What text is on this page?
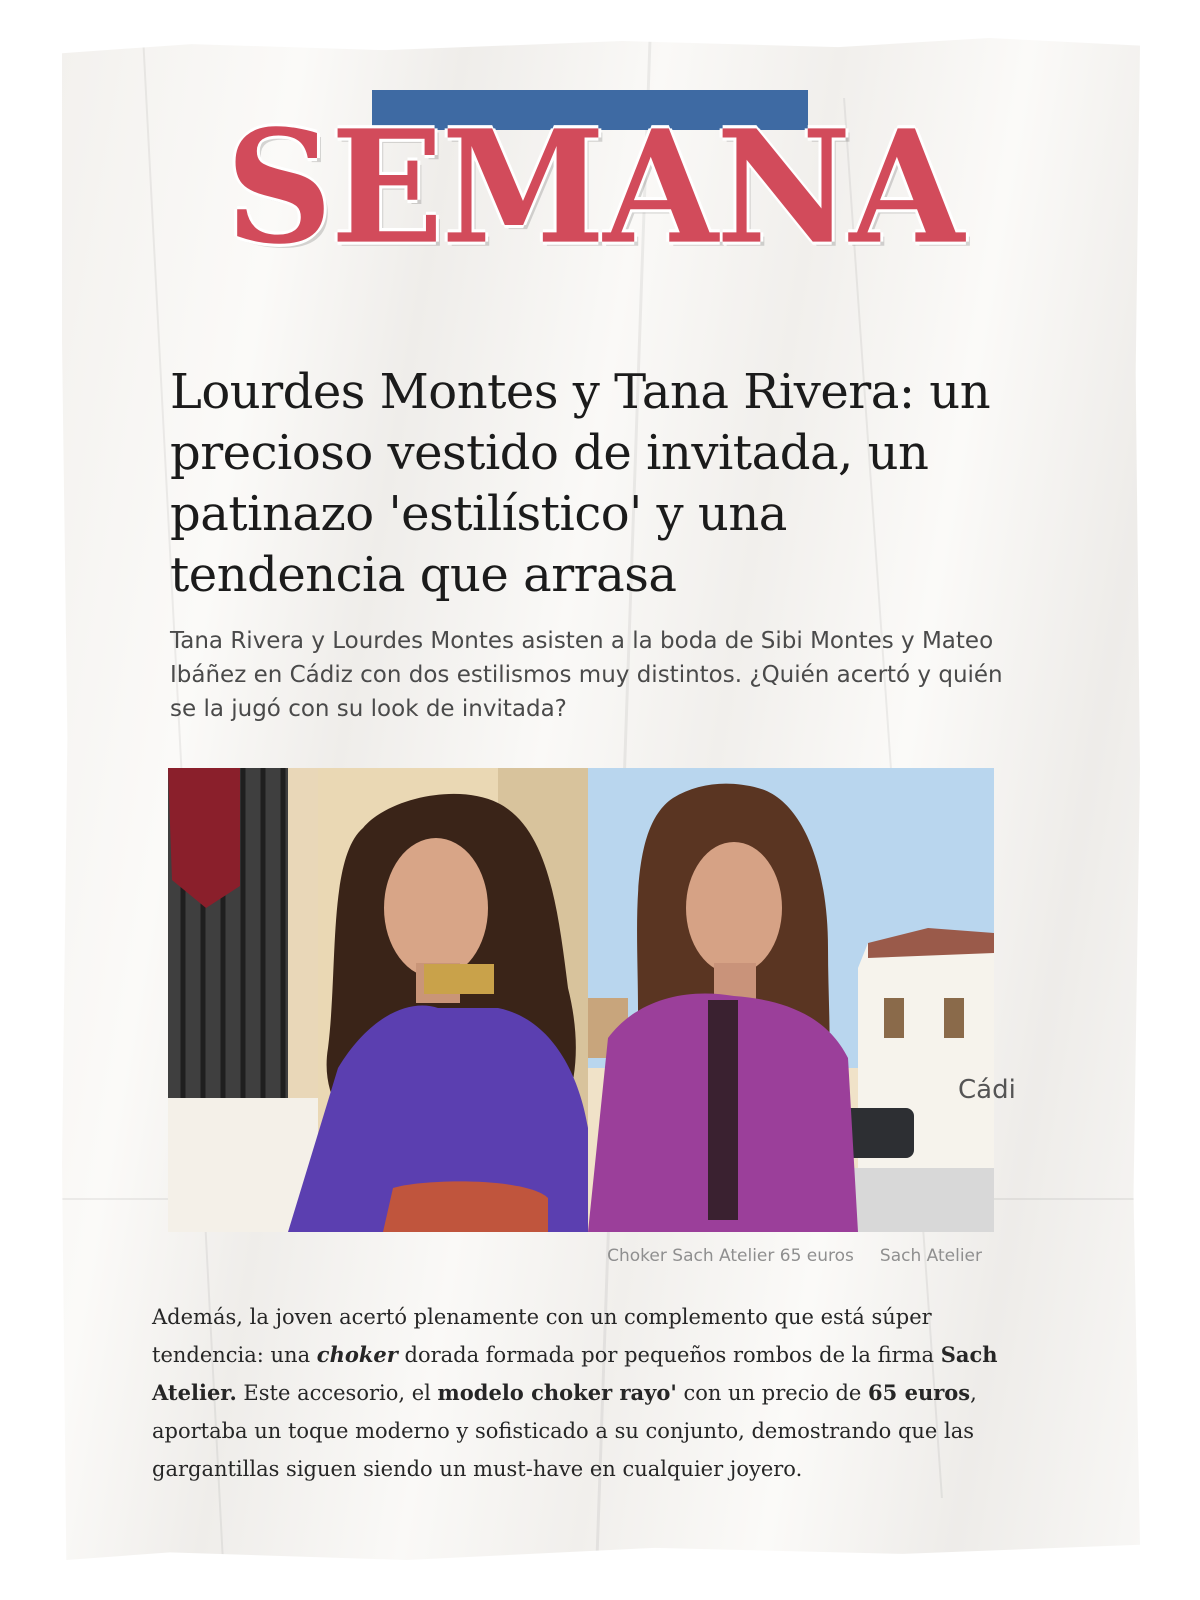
SEMANA
Lourdes Montes y Tana Rivera: un precioso vestido de invitada, un patinazo 'estilístico' y una tendencia que arrasa

Tana Rivera y Lourdes Montes asisten a la boda de Sibi Montes y Mateo Ibáñez en Cádiz con dos estilismos muy distintos. ¿Quién acertó y quién se la jugó con su look de invitada?

Cádi
Choker Sach Atelier 65 euros Sach Atelier

Además, la joven acertó plenamente con un complemento que está súper tendencia: una choker dorada formada por pequeños rombos de la firma Sach Atelier. Este accesorio, el modelo choker rayo' con un precio de 65 euros, aportaba un toque moderno y sofisticado a su conjunto, demostrando que las gargantillas siguen siendo un must-have en cualquier joyero.
